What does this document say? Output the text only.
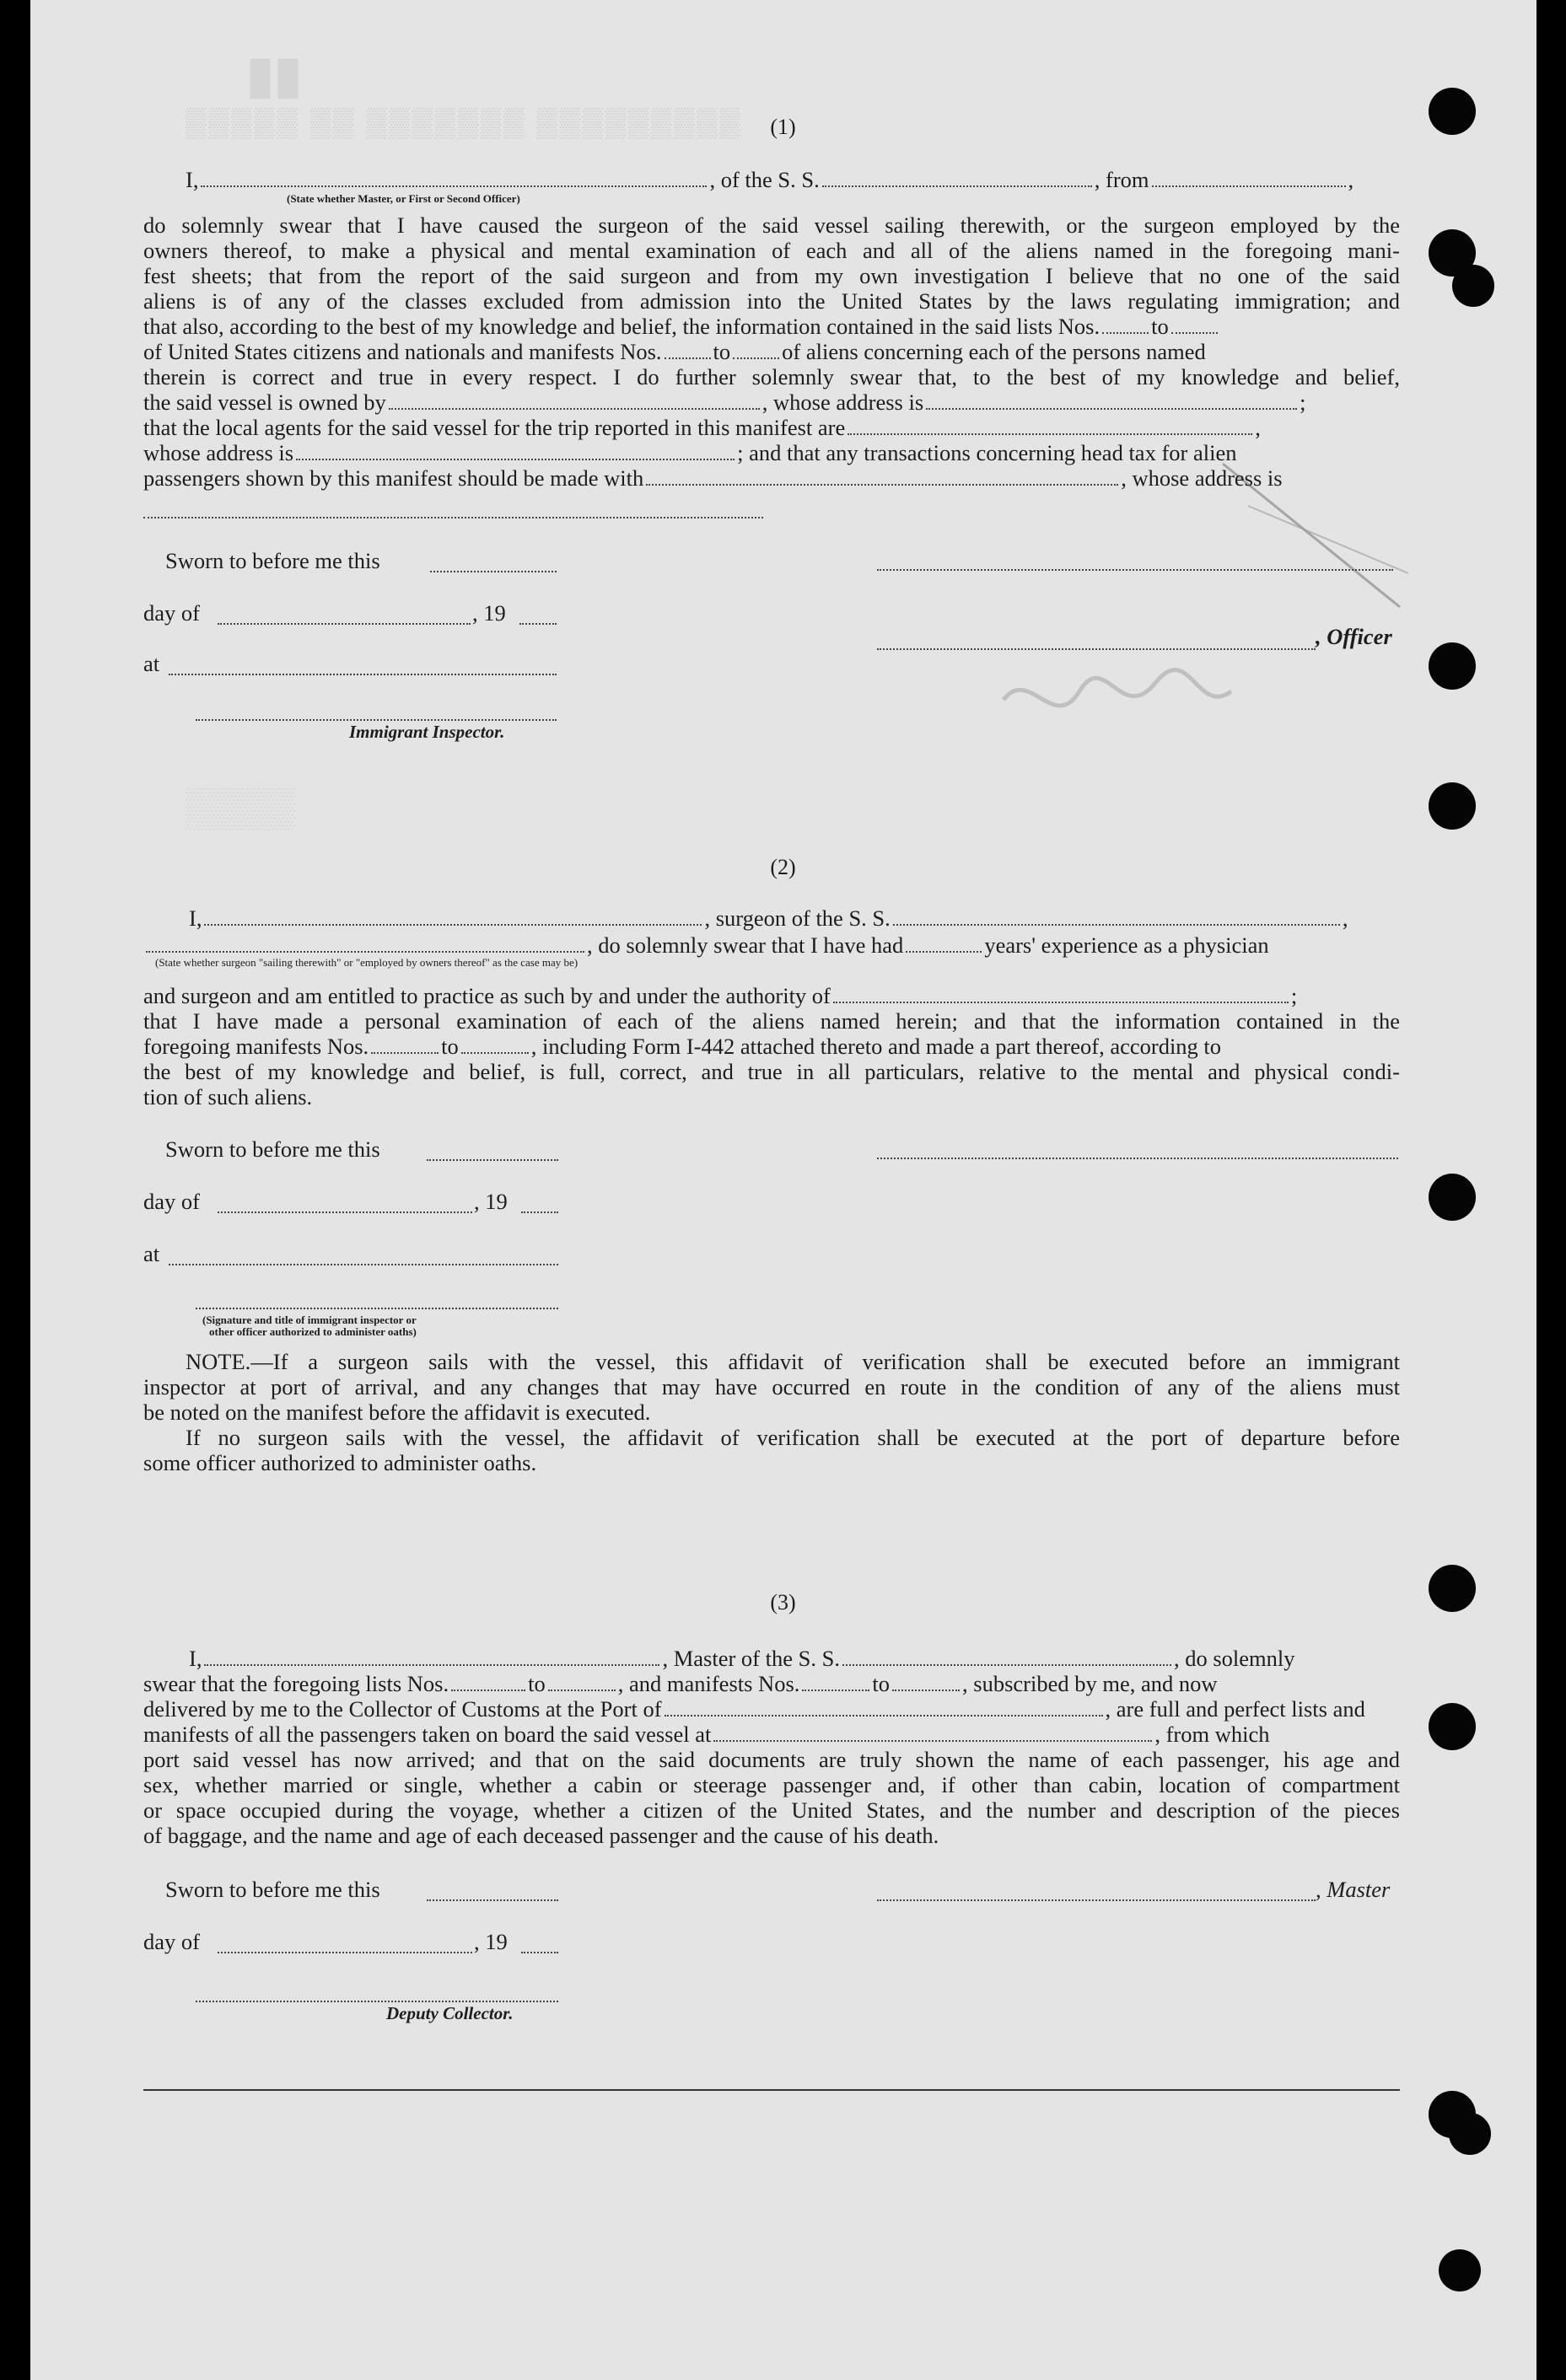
▒▒▒▒▒ ▒▒ ▒▒▒▒▒▒▒ ▒▒▒▒▒▒▒▒▒
▮▮
▒▒▒▒
(1)
I,	, of the S. S.	, from	,
(State whether Master, or First or Second Officer)
do solemnly swear that I have caused the surgeon of the said vessel sailing therewith, or the surgeon employed by the
owners thereof, to make a physical and mental examination of each and all of the aliens named in the foregoing mani-
fest sheets; that from the report of the said surgeon and from my own investigation I believe that no one of the said
aliens is of any of the classes excluded from admission into the United States by the laws regulating immigration; and
that also, according to the best of my knowledge and belief, the information contained in the said lists Nos. to
of United States citizens and nationals and manifests Nos. to of aliens concerning each of the persons named
therein is correct and true in every respect. I do further solemnly swear that, to the best of my knowledge and belief,
the said vessel is owned by	, whose address is	;
that the local agents for the said vessel for the trip reported in this manifest are	,
whose address is	; and that any transactions concerning head tax for alien
passengers shown by this manifest should be made with	, whose address is
Sworn to before me this
day of	, 19
, Officer
at
Immigrant Inspector.
(2)
I,	, surgeon of the S. S.	,
, do solemnly swear that I have had	years' experience as a physician
(State whether surgeon "sailing therewith" or "employed by owners thereof" as the case may be)
and surgeon and am entitled to practice as such by and under the authority of	;
that I have made a personal examination of each of the aliens named herein; and that the information contained in the
foregoing manifests Nos.	to	, including Form I-442 attached thereto and made a part thereof, according to
the best of my knowledge and belief, is full, correct, and true in all particulars, relative to the mental and physical condi-
tion of such aliens.
Sworn to before me this
day of	, 19
at
(Signature and title of immigrant inspector or
other officer authorized to administer oaths)
NOTE.—If a surgeon sails with the vessel, this affidavit of verification shall be executed before an immigrant
inspector at port of arrival, and any changes that may have occurred en route in the condition of any of the aliens must
be noted on the manifest before the affidavit is executed.
If no surgeon sails with the vessel, the affidavit of verification shall be executed at the port of departure before
some officer authorized to administer oaths.
(3)
I,	, Master of the S. S.	, do solemnly
swear that the foregoing lists Nos.	to	, and manifests Nos.	to	, subscribed by me, and now
delivered by me to the Collector of Customs at the Port of	, are full and perfect lists and
manifests of all the passengers taken on board the said vessel at	, from which
port said vessel has now arrived; and that on the said documents are truly shown the name of each passenger, his age and
sex, whether married or single, whether a cabin or steerage passenger and, if other than cabin, location of compartment
or space occupied during the voyage, whether a citizen of the United States, and the number and description of the pieces
of baggage, and the name and age of each deceased passenger and the cause of his death.
Sworn to before me this	, Master
day of	, 19
Deputy Collector.
